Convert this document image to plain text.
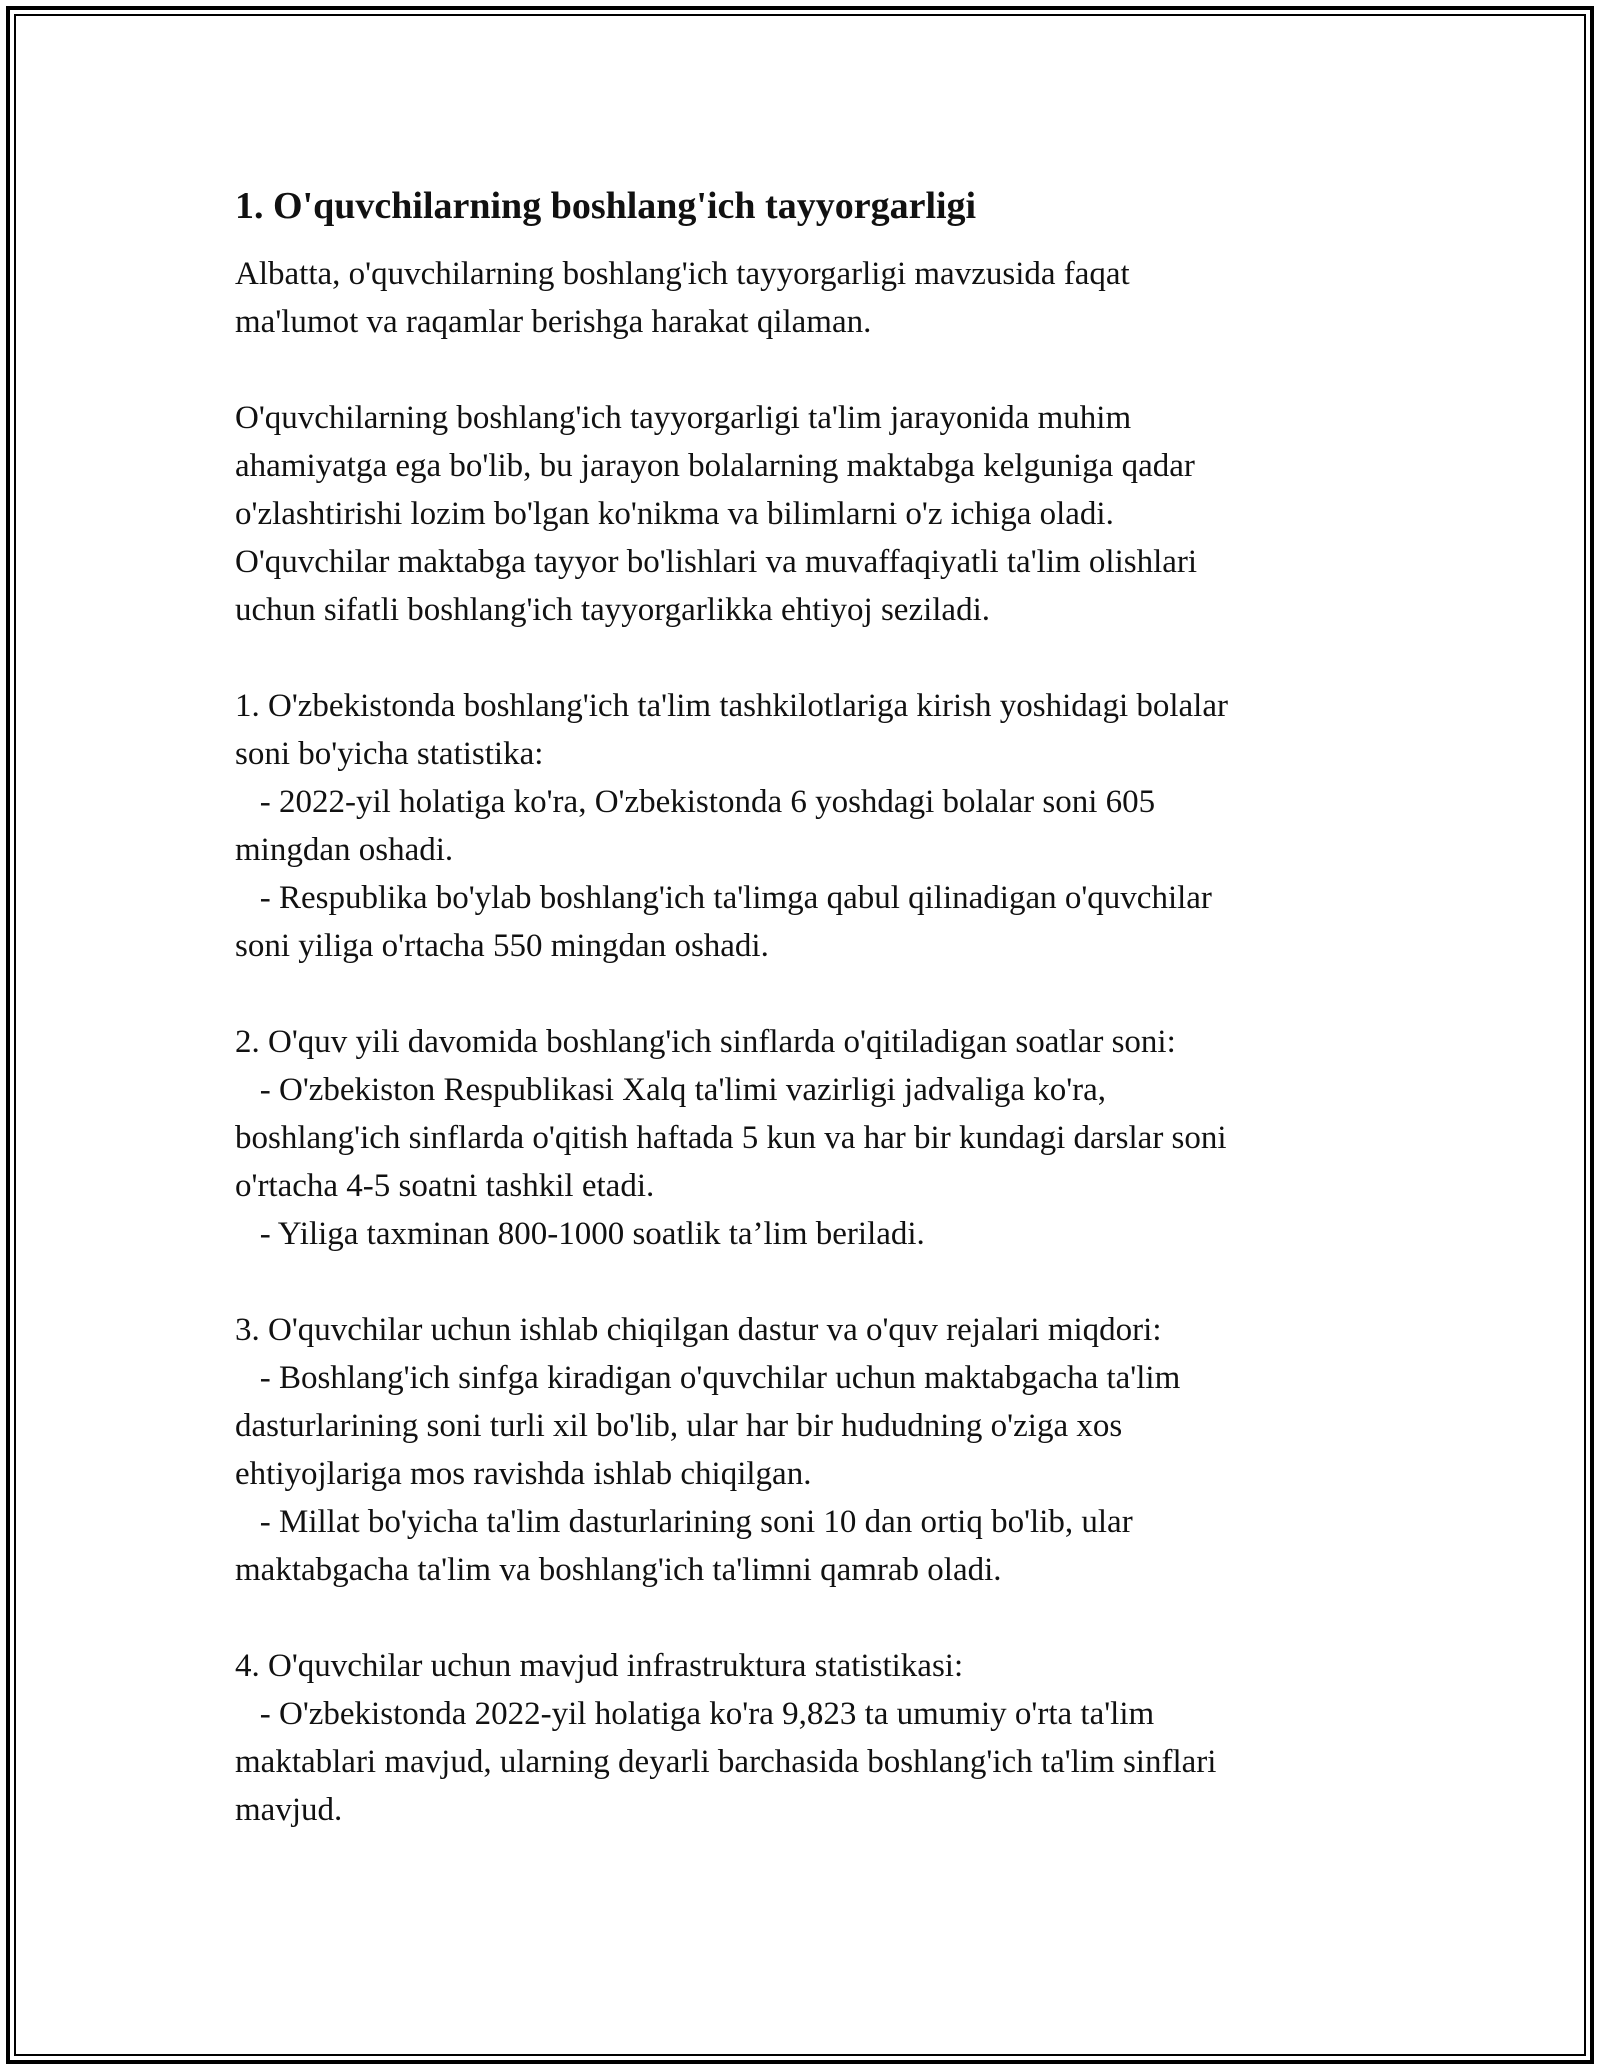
1. O'quvchilarning boshlang'ich tayyorgarligi
Albatta, o'quvchilarning boshlang'ich tayyorgarligi mavzusida faqat
ma'lumot va raqamlar berishga harakat qilaman.
O'quvchilarning boshlang'ich tayyorgarligi ta'lim jarayonida muhim
ahamiyatga ega bo'lib, bu jarayon bolalarning maktabga kelguniga qadar
o'zlashtirishi lozim bo'lgan ko'nikma va bilimlarni o'z ichiga oladi.
O'quvchilar maktabga tayyor bo'lishlari va muvaffaqiyatli ta'lim olishlari
uchun sifatli boshlang'ich tayyorgarlikka ehtiyoj seziladi.
1. O'zbekistonda boshlang'ich ta'lim tashkilotlariga kirish yoshidagi bolalar
soni bo'yicha statistika:
- 2022-yil holatiga ko'ra, O'zbekistonda 6 yoshdagi bolalar soni 605
mingdan oshadi.
- Respublika bo'ylab boshlang'ich ta'limga qabul qilinadigan o'quvchilar
soni yiliga o'rtacha 550 mingdan oshadi.
2. O'quv yili davomida boshlang'ich sinflarda o'qitiladigan soatlar soni:
- O'zbekiston Respublikasi Xalq ta'limi vazirligi jadvaliga ko'ra,
boshlang'ich sinflarda o'qitish haftada 5 kun va har bir kundagi darslar soni
o'rtacha 4-5 soatni tashkil etadi.
- Yiliga taxminan 800-1000 soatlik ta’lim beriladi.
3. O'quvchilar uchun ishlab chiqilgan dastur va o'quv rejalari miqdori:
- Boshlang'ich sinfga kiradigan o'quvchilar uchun maktabgacha ta'lim
dasturlarining soni turli xil bo'lib, ular har bir hududning o'ziga xos
ehtiyojlariga mos ravishda ishlab chiqilgan.
- Millat bo'yicha ta'lim dasturlarining soni 10 dan ortiq bo'lib, ular
maktabgacha ta'lim va boshlang'ich ta'limni qamrab oladi.
4. O'quvchilar uchun mavjud infrastruktura statistikasi:
- O'zbekistonda 2022-yil holatiga ko'ra 9,823 ta umumiy o'rta ta'lim
maktablari mavjud, ularning deyarli barchasida boshlang'ich ta'lim sinflari
mavjud.
